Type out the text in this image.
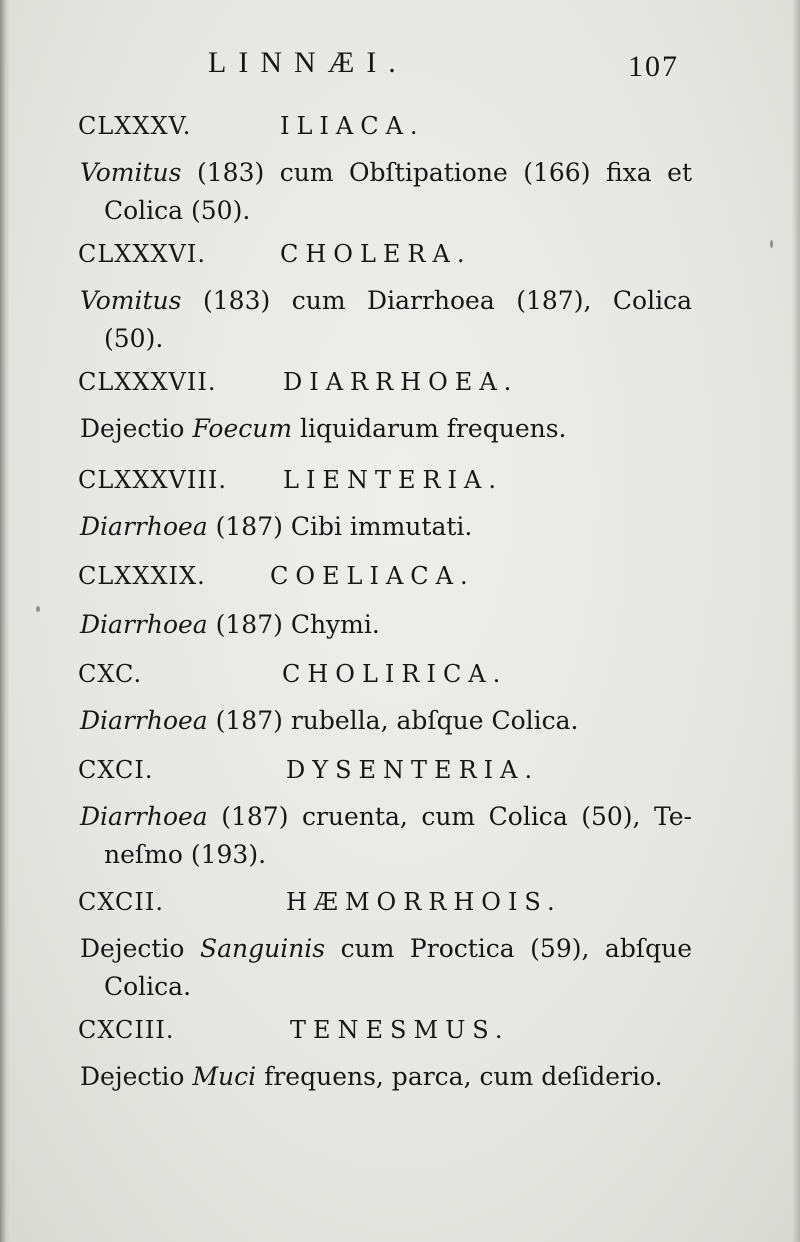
LINNÆI.	107
CLXXXV.	ILIACA.
Vomitus (183) cum Obſtipatione (166) fixa et
Colica (50).
CLXXXVI.	CHOLERA.
Vomitus (183) cum Diarrhoea (187), Colica
(50).
CLXXXVII.	DIARRHOEA.
Dejectio Foecum liquidarum frequens.
CLXXXVIII. LIENTERIA.
Diarrhoea (187) Cibi immutati.
CLXXXIX.	COELIACA.
Diarrhoea (187) Chymi.
CXC.	CHOLIRICA.
Diarrhoea (187) rubella, abſque Colica.
CXCI.	DYSENTERIA.
Diarrhoea (187) cruenta, cum Colica (50), Te-
neſmo (193).
CXCII.	HÆMORRHOIS.
Dejectio Sanguinis cum Proctica (59), abſque
Colica.
CXCIII.	TENESMUS.
Dejectio Muci frequens, parca, cum deſiderio.
